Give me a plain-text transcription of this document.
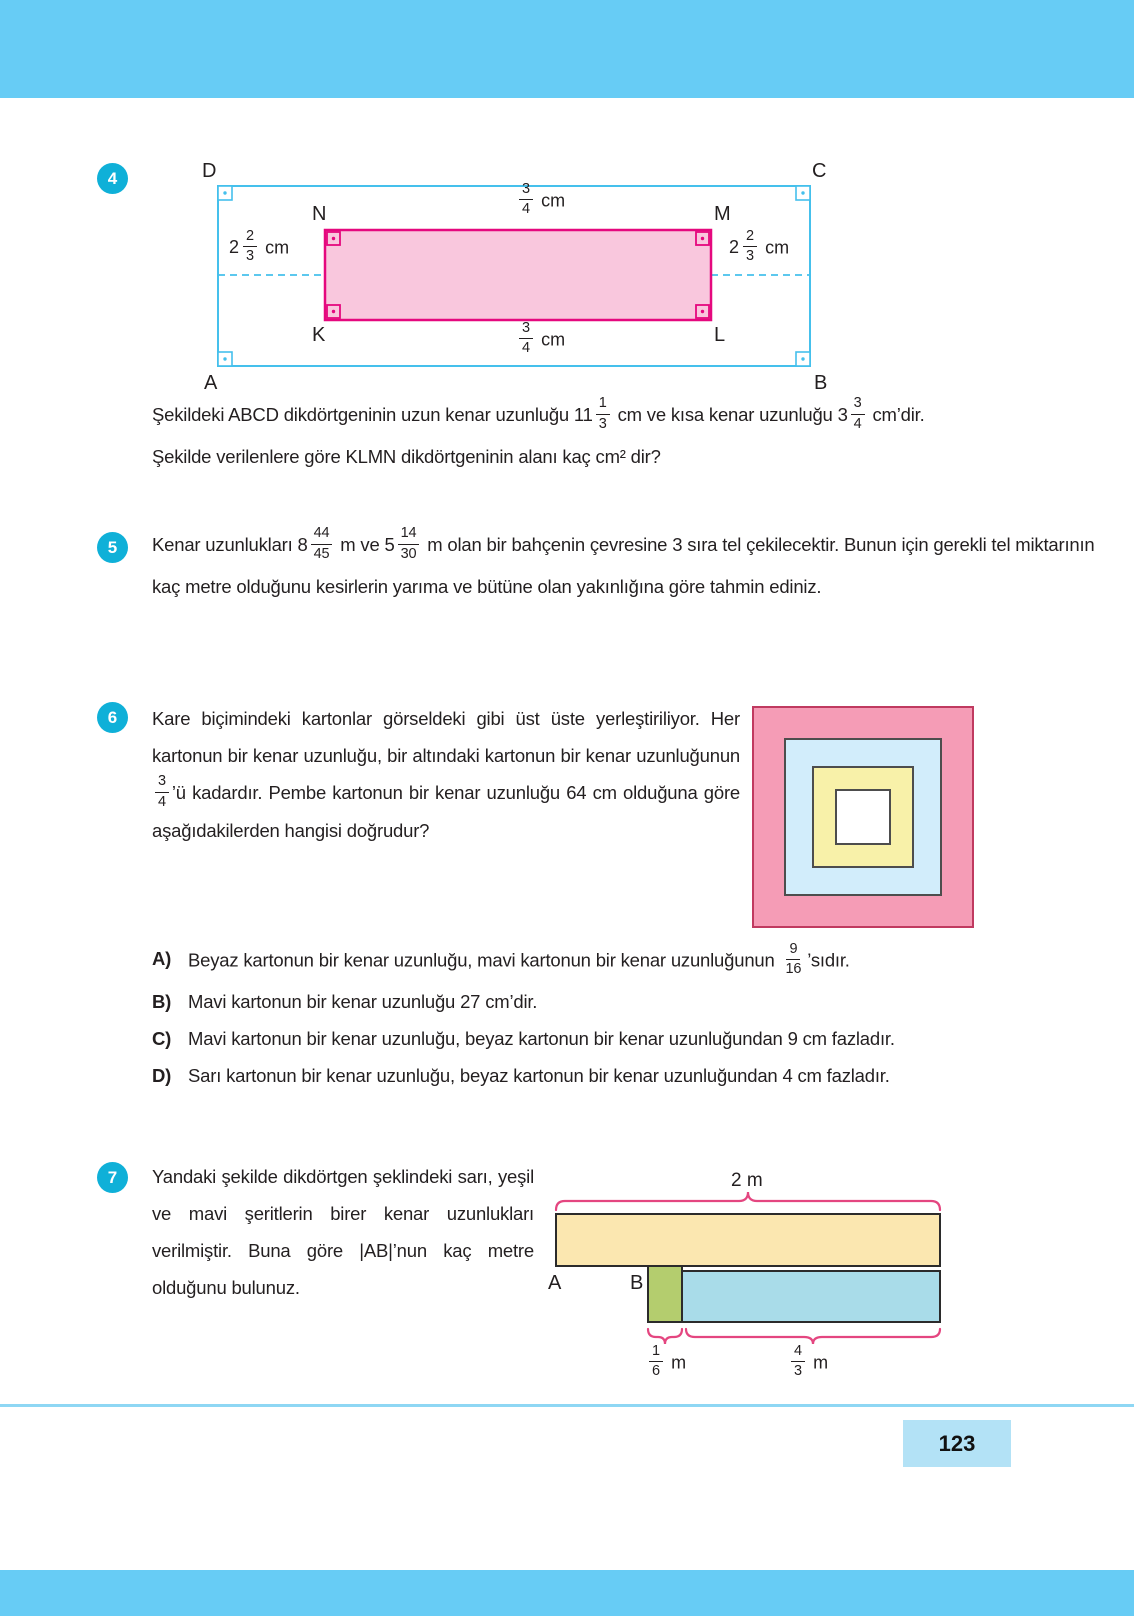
4	D	C
A	B
N	M
K	L
$\frac{3}{4}$ cm
$\frac{3}{4}$ cm
$2 \frac{2}{3}$ cm	$2 \frac{2}{3}$ cm

Şekildeki ABCD dikdörtgeninin uzun kenar uzunluğu $11 \frac{1}{3}$ cm ve kısa kenar uzunluğu $3 \frac{3}{4}$ cm’dir.
Şekilde verilenlere göre KLMN dikdörtgeninin alanı kaç cm² dir?

5	Kenar uzunlukları $8 \frac{44}{45}$ m ve $5 \frac{14}{30}$ m olan bir bahçenin çevresine 3 sıra tel çekilecektir. Bunun için gerekli tel miktarının kaç metre olduğunu kesirlerin yarıma ve bütüne olan yakınlığına göre tahmin ediniz.

6	Kare biçimindeki kartonlar görseldeki gibi üst üste yerleştiriliyor. Her kartonun bir kenar uzunluğu, bir altındaki kartonun bir kenar uzunluğunun
$\frac{3}{4}$ ’ü kadardır. Pembe kartonun bir kenar uzunluğu 64 cm olduğuna göre aşağıdakilerden hangisi doğrudur?

A) Beyaz kartonun bir kenar uzunluğu, mavi kartonun bir kenar uzunluğunun $\frac{9}{16}$ ’sıdır.
B) Mavi kartonun bir kenar uzunluğu 27 cm’dir.
C) Mavi kartonun bir kenar uzunluğu, beyaz kartonun bir kenar uzunluğundan 9 cm fazladır.
D) Sarı kartonun bir kenar uzunluğu, beyaz kartonun bir kenar uzunluğundan 4 cm fazladır.
7	Yandaki şekilde dikdörtgen şeklindeki sarı, yeşil ve mavi şeritlerin birer kenar uzunlukları verilmiştir. Buna göre |AB|’nun kaç metre olduğunu bulunuz.

2 m
A	B
$\frac{1}{6}$ m	$\frac{4}{3}$ m
123
